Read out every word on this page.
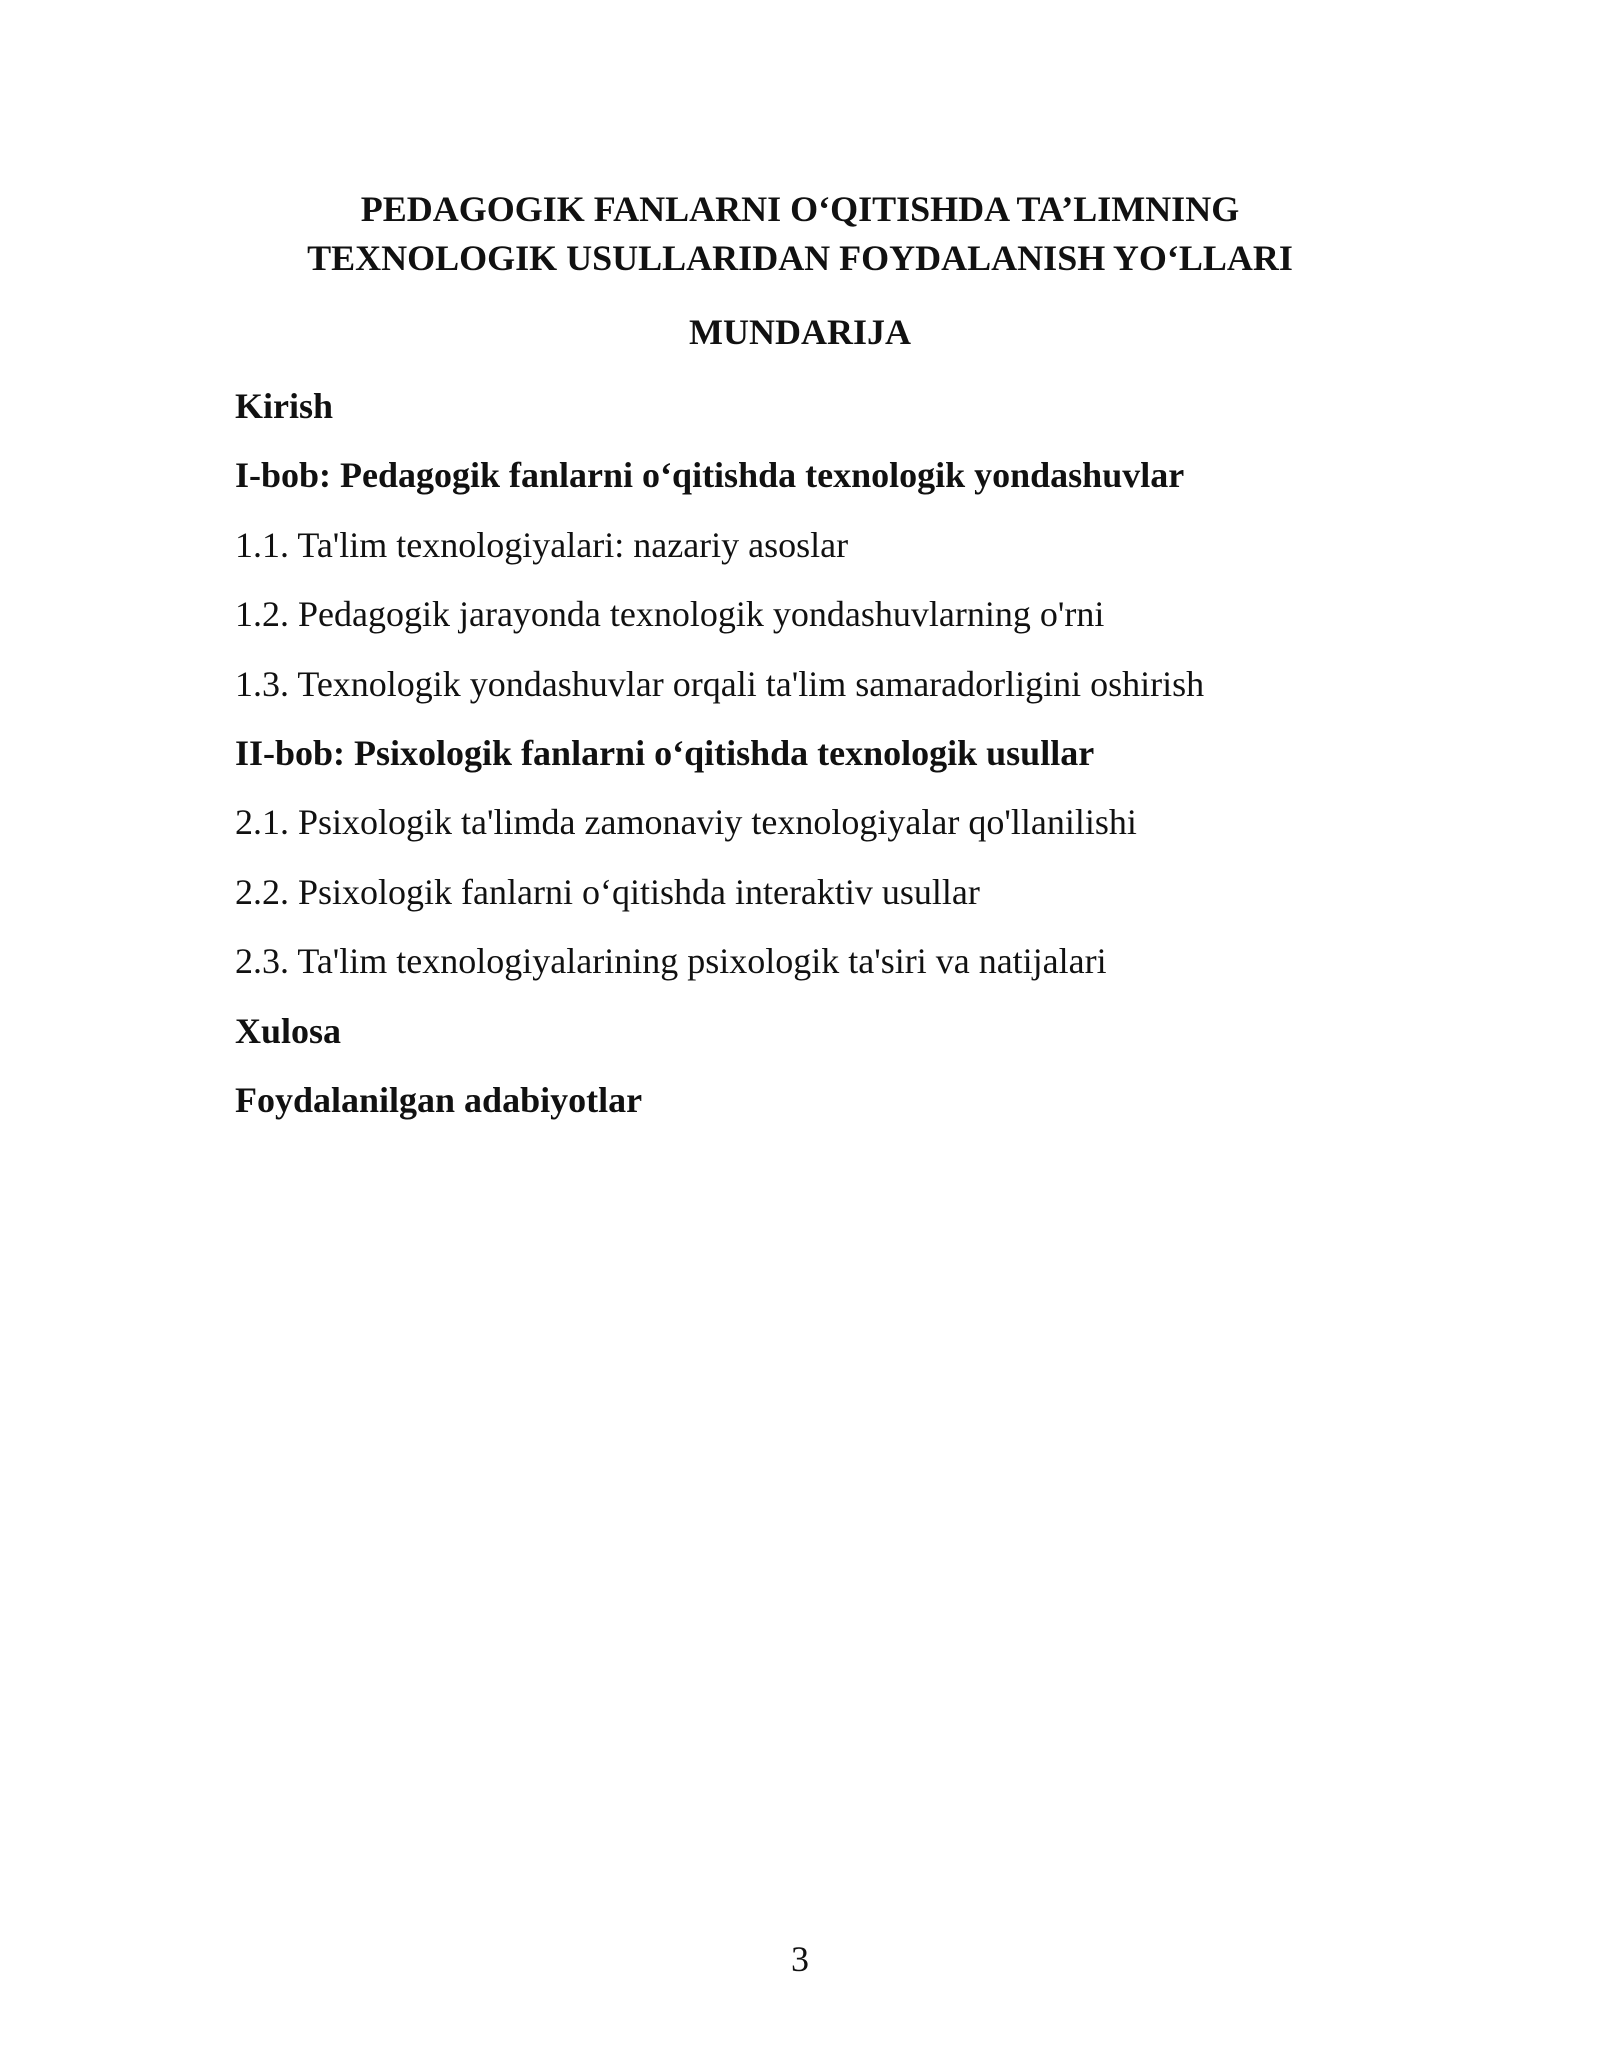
PEDAGOGIK FANLARNI O‘QITISHDA TA’LIMNING
TEXNOLOGIK USULLARIDAN FOYDALANISH YO‘LLARI
MUNDARIJA
Kirish
I-bob: Pedagogik fanlarni o‘qitishda texnologik yondashuvlar
1.1. Ta'lim texnologiyalari: nazariy asoslar
1.2. Pedagogik jarayonda texnologik yondashuvlarning o'rni
1.3. Texnologik yondashuvlar orqali ta'lim samaradorligini oshirish
II-bob: Psixologik fanlarni o‘qitishda texnologik usullar
2.1. Psixologik ta'limda zamonaviy texnologiyalar qo'llanilishi
2.2. Psixologik fanlarni o‘qitishda interaktiv usullar
2.3. Ta'lim texnologiyalarining psixologik ta'siri va natijalari
Xulosa
Foydalanilgan adabiyotlar
3
